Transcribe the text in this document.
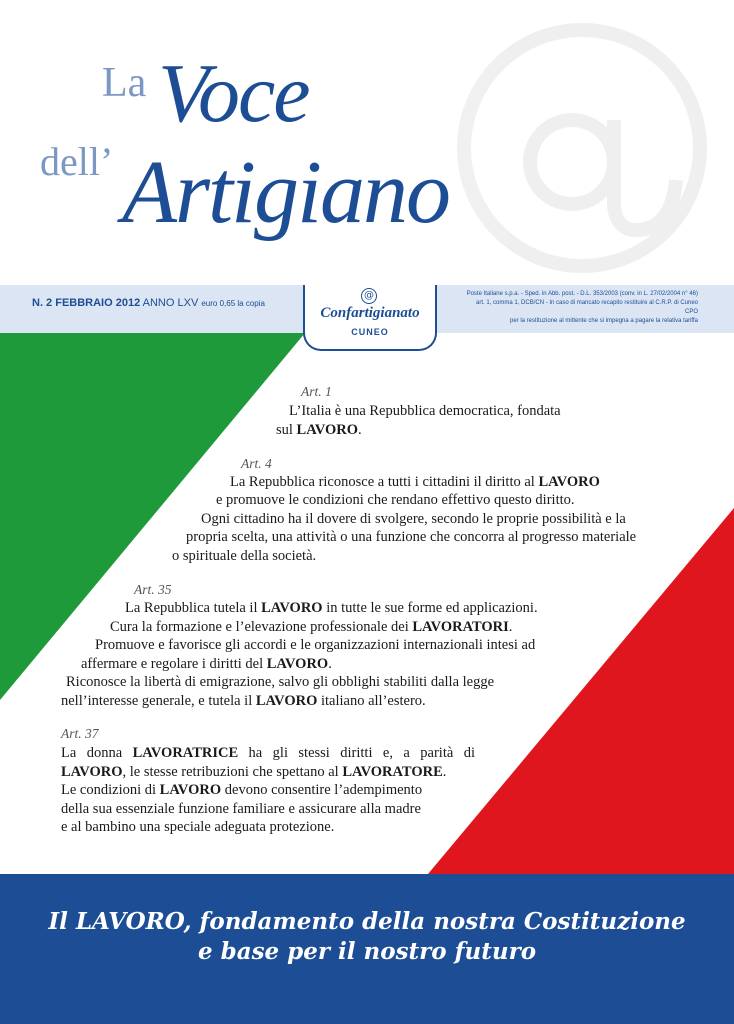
La Voce
dell’ Artigiano
N. 2 FEBBRAIO 2012 ANNO LXV euro 0,65 la copia
Poste Italiane s.p.a. - Sped. in Abb. post. - D.L. 353/2003 (conv. in L. 27/02/2004 n° 46)
art. 1, comma 1, DCB/CN - In caso di mancato recapito restituire al C.R.P. di Cuneo CPO
per la restituzione al mittente che si impegna a pagare la relativa tariffa
@
Confartigianato
CUNEO
Art. 1
L’Italia è una Repubblica democratica, fondata
sul LAVORO.
Art. 4
La Repubblica riconosce a tutti i cittadini il diritto al LAVORO
e promuove le condizioni che rendano effettivo questo diritto.
Ogni cittadino ha il dovere di svolgere, secondo le proprie possibilità e la
propria scelta, una attività o una funzione che concorra al progresso materiale
o spirituale della società.
Art. 35
La Repubblica tutela il LAVORO in tutte le sue forme ed applicazioni.
Cura la formazione e l’elevazione professionale dei LAVORATORI.
Promuove e favorisce gli accordi e le organizzazioni internazionali intesi ad
affermare e regolare i diritti del LAVORO.
Riconosce la libertà di emigrazione, salvo gli obblighi stabiliti dalla legge
nell’interesse generale, e tutela il LAVORO italiano all’estero.
Art. 37
La donna LAVORATRICE ha gli stessi diritti e, a parità di
LAVORO, le stesse retribuzioni che spettano al LAVORATORE.
Le condizioni di LAVORO devono consentire l’adempimento
della sua essenziale funzione familiare e assicurare alla madre
e al bambino una speciale adeguata protezione.
Il LAVORO, fondamento della nostra Costituzione
e base per il nostro futuro
